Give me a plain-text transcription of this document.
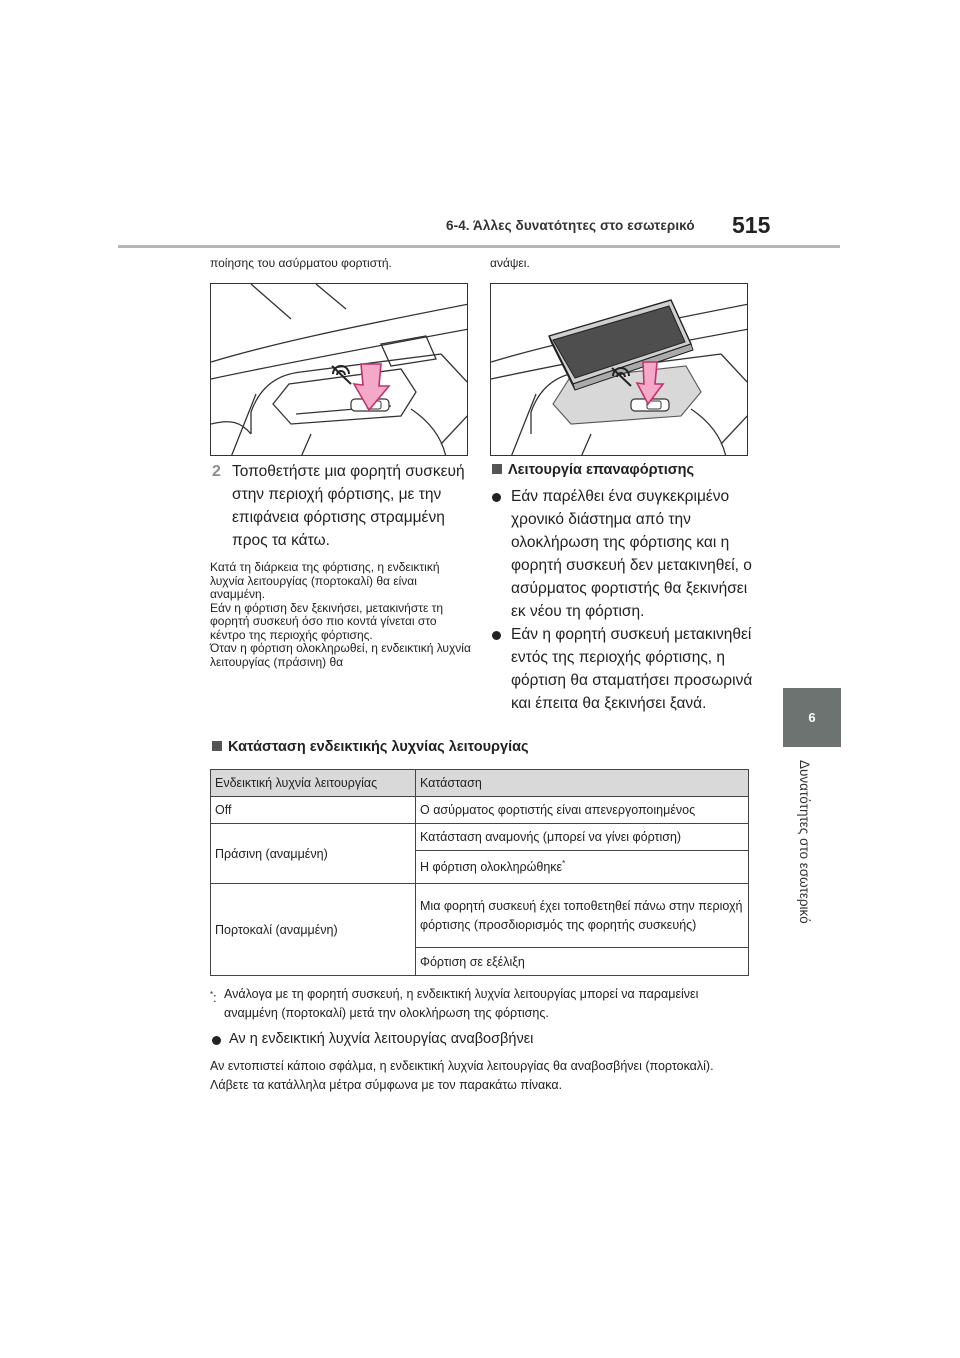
6-4. Άλλες δυνατότητες στο εσωτερικό 515
6
Δυνατότητες στο εσωτερικό
ποίησης του ασύρματου φορτιστή.	ανάψει.
2 Τοποθετήστε μια φορητή συσκευή στην περιοχή φόρτισης, με την επιφάνεια φόρτισης στραμμένη προς τα κάτω.
Κατά τη διάρκεια της φόρτισης, η ενδεικτική λυχνία λειτουργίας (πορτοκαλί) θα είναι αναμμένη.
Εάν η φόρτιση δεν ξεκινήσει, μετακινήστε τη φορητή συσκευή όσο πιο κοντά γίνεται στο κέντρο της περιοχής φόρτισης.
Όταν η φόρτιση ολοκληρωθεί, η ενδεικτική λυχνία λειτουργίας (πράσινη) θα
Λειτουργία επαναφόρτισης
Εάν παρέλθει ένα συγκεκριμένο χρονικό διάστημα από την ολοκλήρωση της φόρτισης και η φορητή συσκευή δεν μετακινηθεί, ο ασύρματος φορτιστής θα ξεκινήσει εκ νέου τη φόρτιση.
Εάν η φορητή συσκευή μετακινηθεί εντός της περιοχής φόρτισης, η φόρτιση θα σταματήσει προσωρινά και έπειτα θα ξεκινήσει ξανά.
Κατάσταση ενδεικτικής λυχνίας λειτουργίας
Ενδεικτική λυχνία λειτουργίας	Κατάσταση
Off	Ο ασύρματος φορτιστής είναι απενεργοποιημένος
Πράσινη (αναμμένη)	Κατάσταση αναμονής (μπορεί να γίνει φόρτιση)
	Η φόρτιση ολοκληρώθηκε*
Πορτοκαλί (αναμμένη)	Μια φορητή συσκευή έχει τοποθετηθεί πάνω στην περιοχή φόρτισης (προσδιορισμός της φορητής συσκευής)
	Φόρτιση σε εξέλιξη
*: Ανάλογα με τη φορητή συσκευή, η ενδεικτική λυχνία λειτουργίας μπορεί να παραμείνει αναμμένη (πορτοκαλί) μετά την ολοκλήρωση της φόρτισης.
Αν η ενδεικτική λυχνία λειτουργίας αναβοσβήνει
Αν εντοπιστεί κάποιο σφάλμα, η ενδεικτική λυχνία λειτουργίας θα αναβοσβήνει (πορτοκαλί). Λάβετε τα κατάλληλα μέτρα σύμφωνα με τον παρακάτω πίνακα.
